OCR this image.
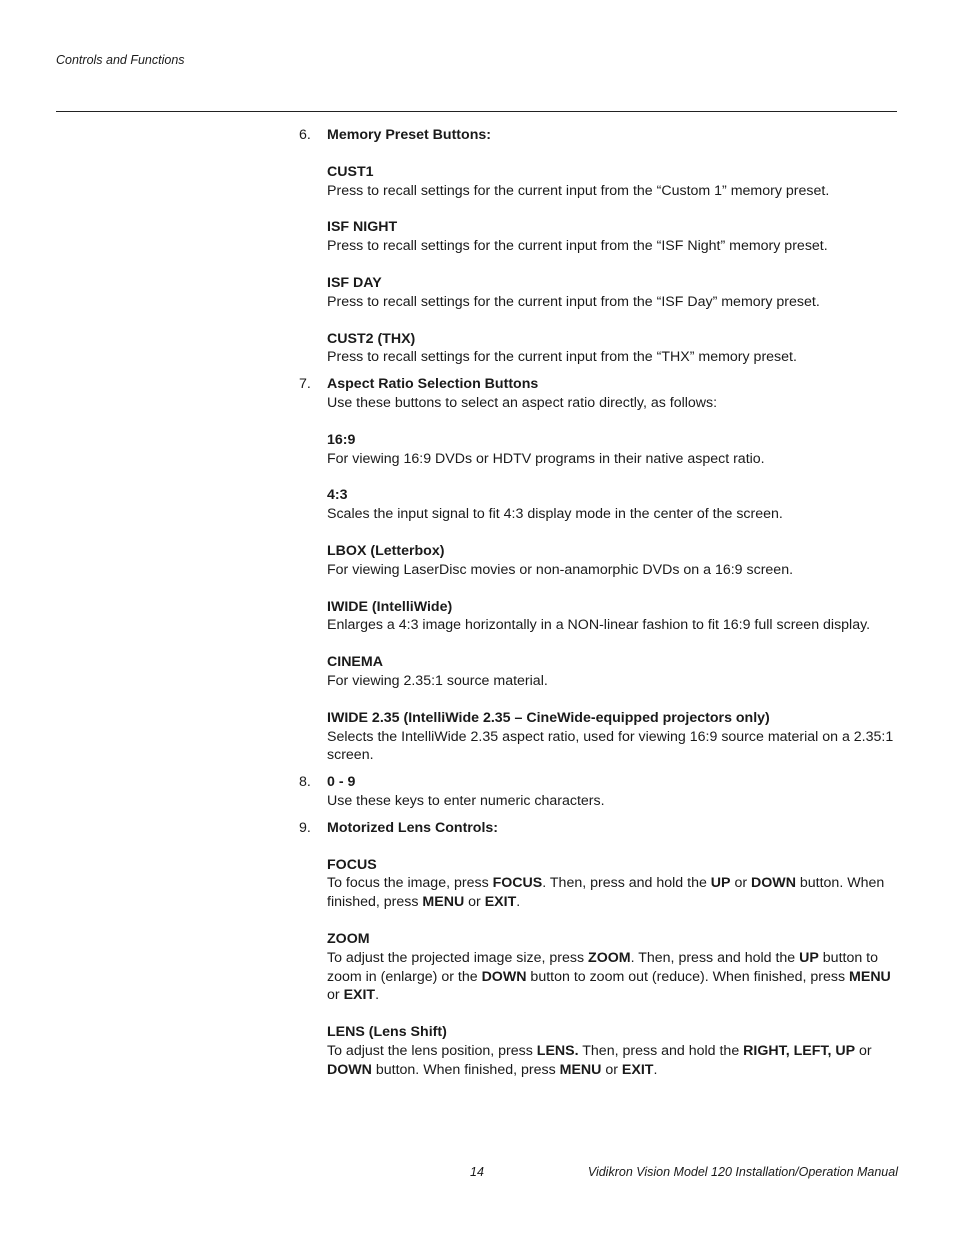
Controls and Functions
6. Memory Preset Buttons:
CUST1
Press to recall settings for the current input from the “Custom 1” memory preset.
ISF NIGHT
Press to recall settings for the current input from the “ISF Night” memory preset.
ISF DAY
Press to recall settings for the current input from the “ISF Day” memory preset.
CUST2 (THX)
Press to recall settings for the current input from the “THX” memory preset.
7. Aspect Ratio Selection Buttons
Use these buttons to select an aspect ratio directly, as follows:
16:9
For viewing 16:9 DVDs or HDTV programs in their native aspect ratio.
4:3
Scales the input signal to fit 4:3 display mode in the center of the screen.
LBOX (Letterbox)
For viewing LaserDisc movies or non-anamorphic DVDs on a 16:9 screen.
IWIDE (IntelliWide)
Enlarges a 4:3 image horizontally in a NON-linear fashion to fit 16:9 full screen display.
CINEMA
For viewing 2.35:1 source material.
IWIDE 2.35 (IntelliWide 2.35 – CineWide-equipped projectors only)
Selects the IntelliWide 2.35 aspect ratio, used for viewing 16:9 source material on a 2.35:1 screen.
8. 0 - 9
Use these keys to enter numeric characters.
9. Motorized Lens Controls:
FOCUS
To focus the image, press FOCUS. Then, press and hold the UP or DOWN button. When finished, press MENU or EXIT.
ZOOM
To adjust the projected image size, press ZOOM. Then, press and hold the UP button to zoom in (enlarge) or the DOWN button to zoom out (reduce). When finished, press MENU or EXIT.
LENS (Lens Shift)
To adjust the lens position, press LENS. Then, press and hold the RIGHT, LEFT, UP or DOWN button. When finished, press MENU or EXIT.
14	Vidikron Vision Model 120 Installation/Operation Manual
